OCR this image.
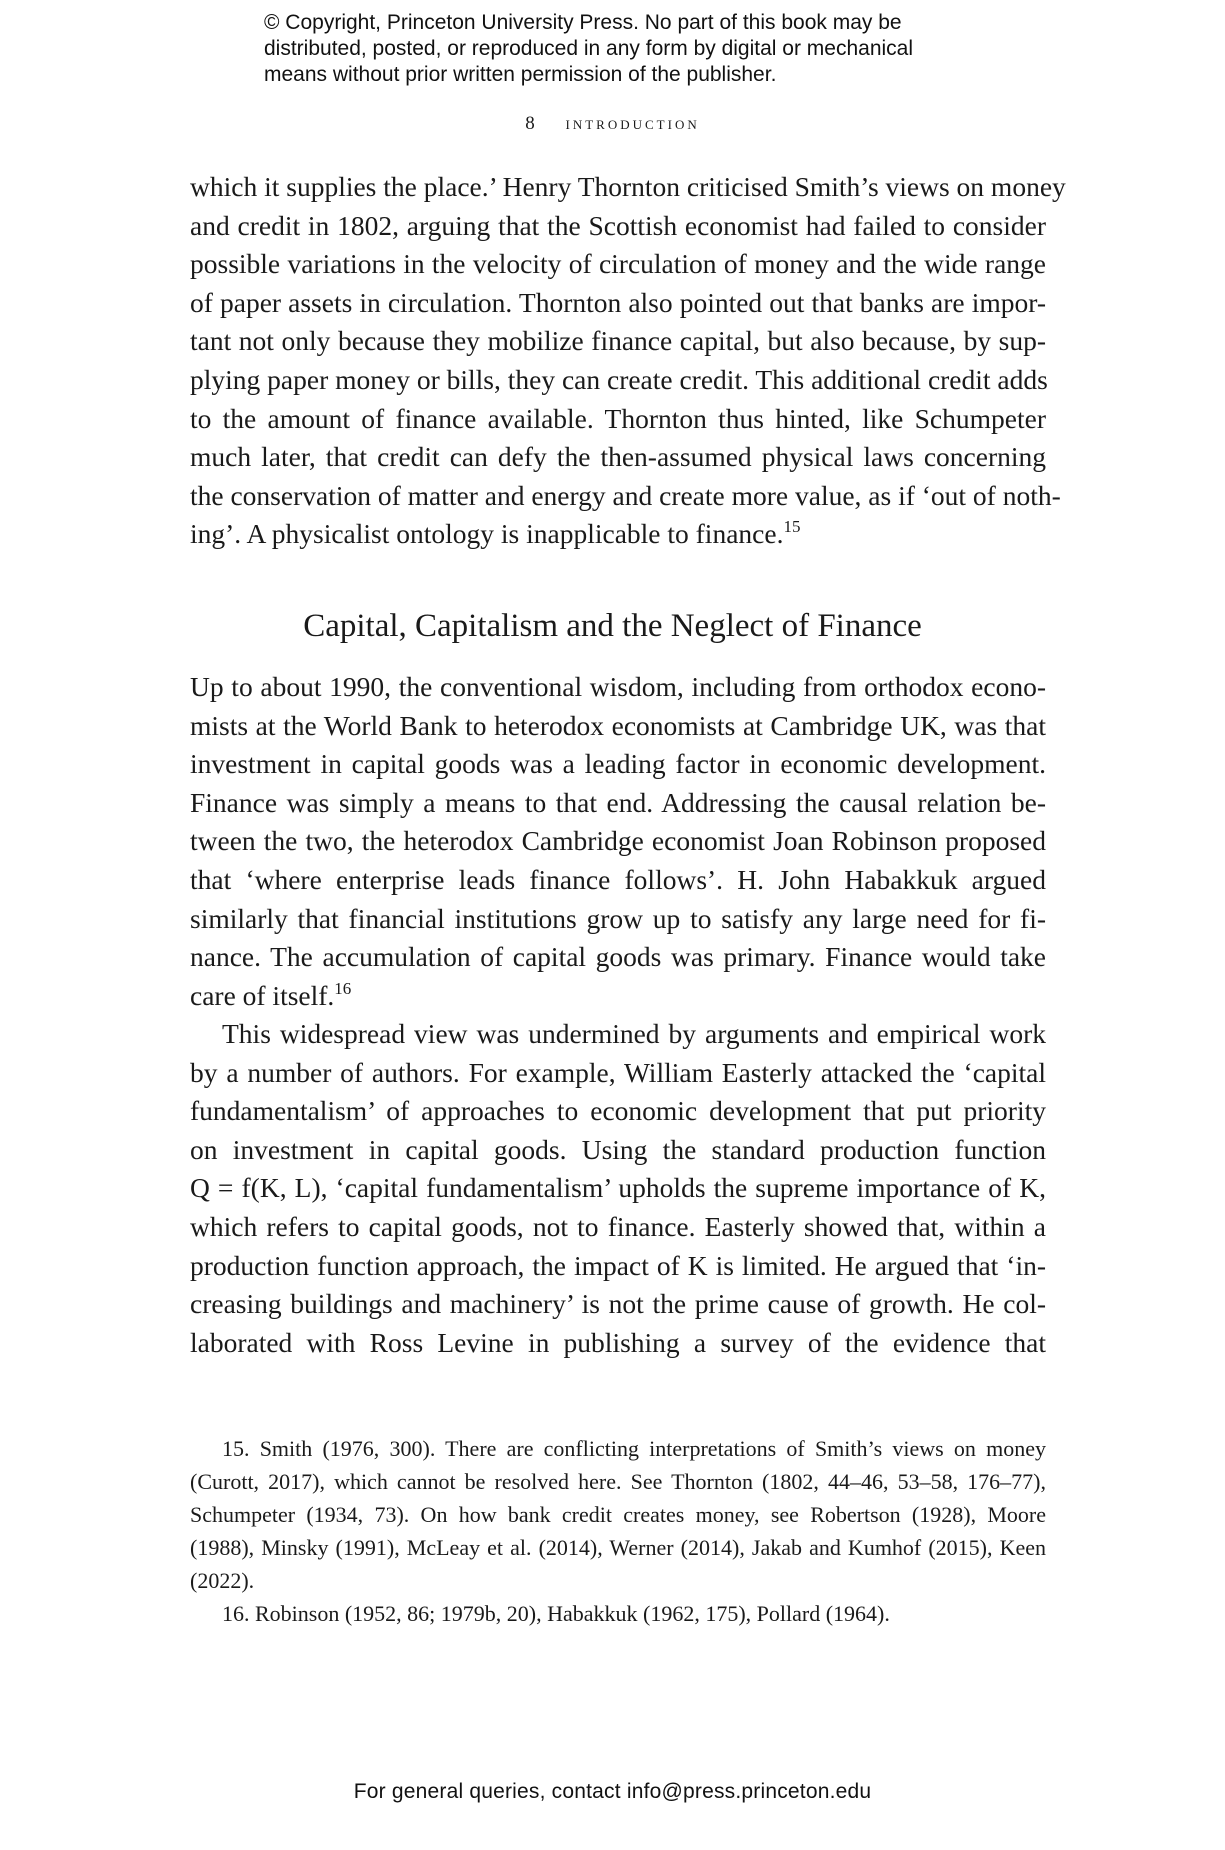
© Copyright, Princeton University Press. No part of this book may be
distributed, posted, or reproduced in any form by digital or mechanical
means without prior written permission of the publisher.
8 introduction
which it supplies the place.’ Henry Thornton criticised Smith’s views on money
and credit in 1802, arguing that the Scottish economist had failed to consider
possible variations in the velocity of circulation of money and the wide range
of paper assets in circulation. Thornton also pointed out that banks are impor-
tant not only because they mobilize finance capital, but also because, by sup-
plying paper money or bills, they can create credit. This additional credit adds
to the amount of finance available. Thornton thus hinted, like Schumpeter
much later, that credit can defy the then-assumed physical laws concerning
the conservation of matter and energy and create more value, as if ‘out of noth-
ing’. A physicalist ontology is inapplicable to finance.$^{15}$
Capital, Capitalism and the Neglect of Finance
Up to about 1990, the conventional wisdom, including from orthodox econo-
mists at the World Bank to heterodox economists at Cambridge UK, was that
investment in capital goods was a leading factor in economic development.
Finance was simply a means to that end. Addressing the causal relation be-
tween the two, the heterodox Cambridge economist Joan Robinson proposed
that ‘where enterprise leads finance follows’. H. John Habakkuk argued
similarly that financial institutions grow up to satisfy any large need for fi-
nance. The accumulation of capital goods was primary. Finance would take
care of itself.$^{16}$
This widespread view was undermined by arguments and empirical work
by a number of authors. For example, William Easterly attacked the ‘capital
fundamentalism’ of approaches to economic development that put priority
on investment in capital goods. Using the standard production function
Q = f(K, L), ‘capital fundamentalism’ upholds the supreme importance of K,
which refers to capital goods, not to finance. Easterly showed that, within a
production function approach, the impact of K is limited. He argued that ‘in-
creasing buildings and machinery’ is not the prime cause of growth. He col-
laborated with Ross Levine in publishing a survey of the evidence that
15. Smith (1976, 300). There are conflicting interpretations of Smith’s views on money
(Curott, 2017), which cannot be resolved here. See Thornton (1802, 44–46, 53–58, 176–77),
Schumpeter (1934, 73). On how bank credit creates money, see Robertson (1928), Moore
(1988), Minsky (1991), McLeay et al. (2014), Werner (2014), Jakab and Kumhof (2015), Keen
(2022).
16. Robinson (1952, 86; 1979b, 20), Habakkuk (1962, 175), Pollard (1964).
For general queries, contact info@press.princeton.edu
